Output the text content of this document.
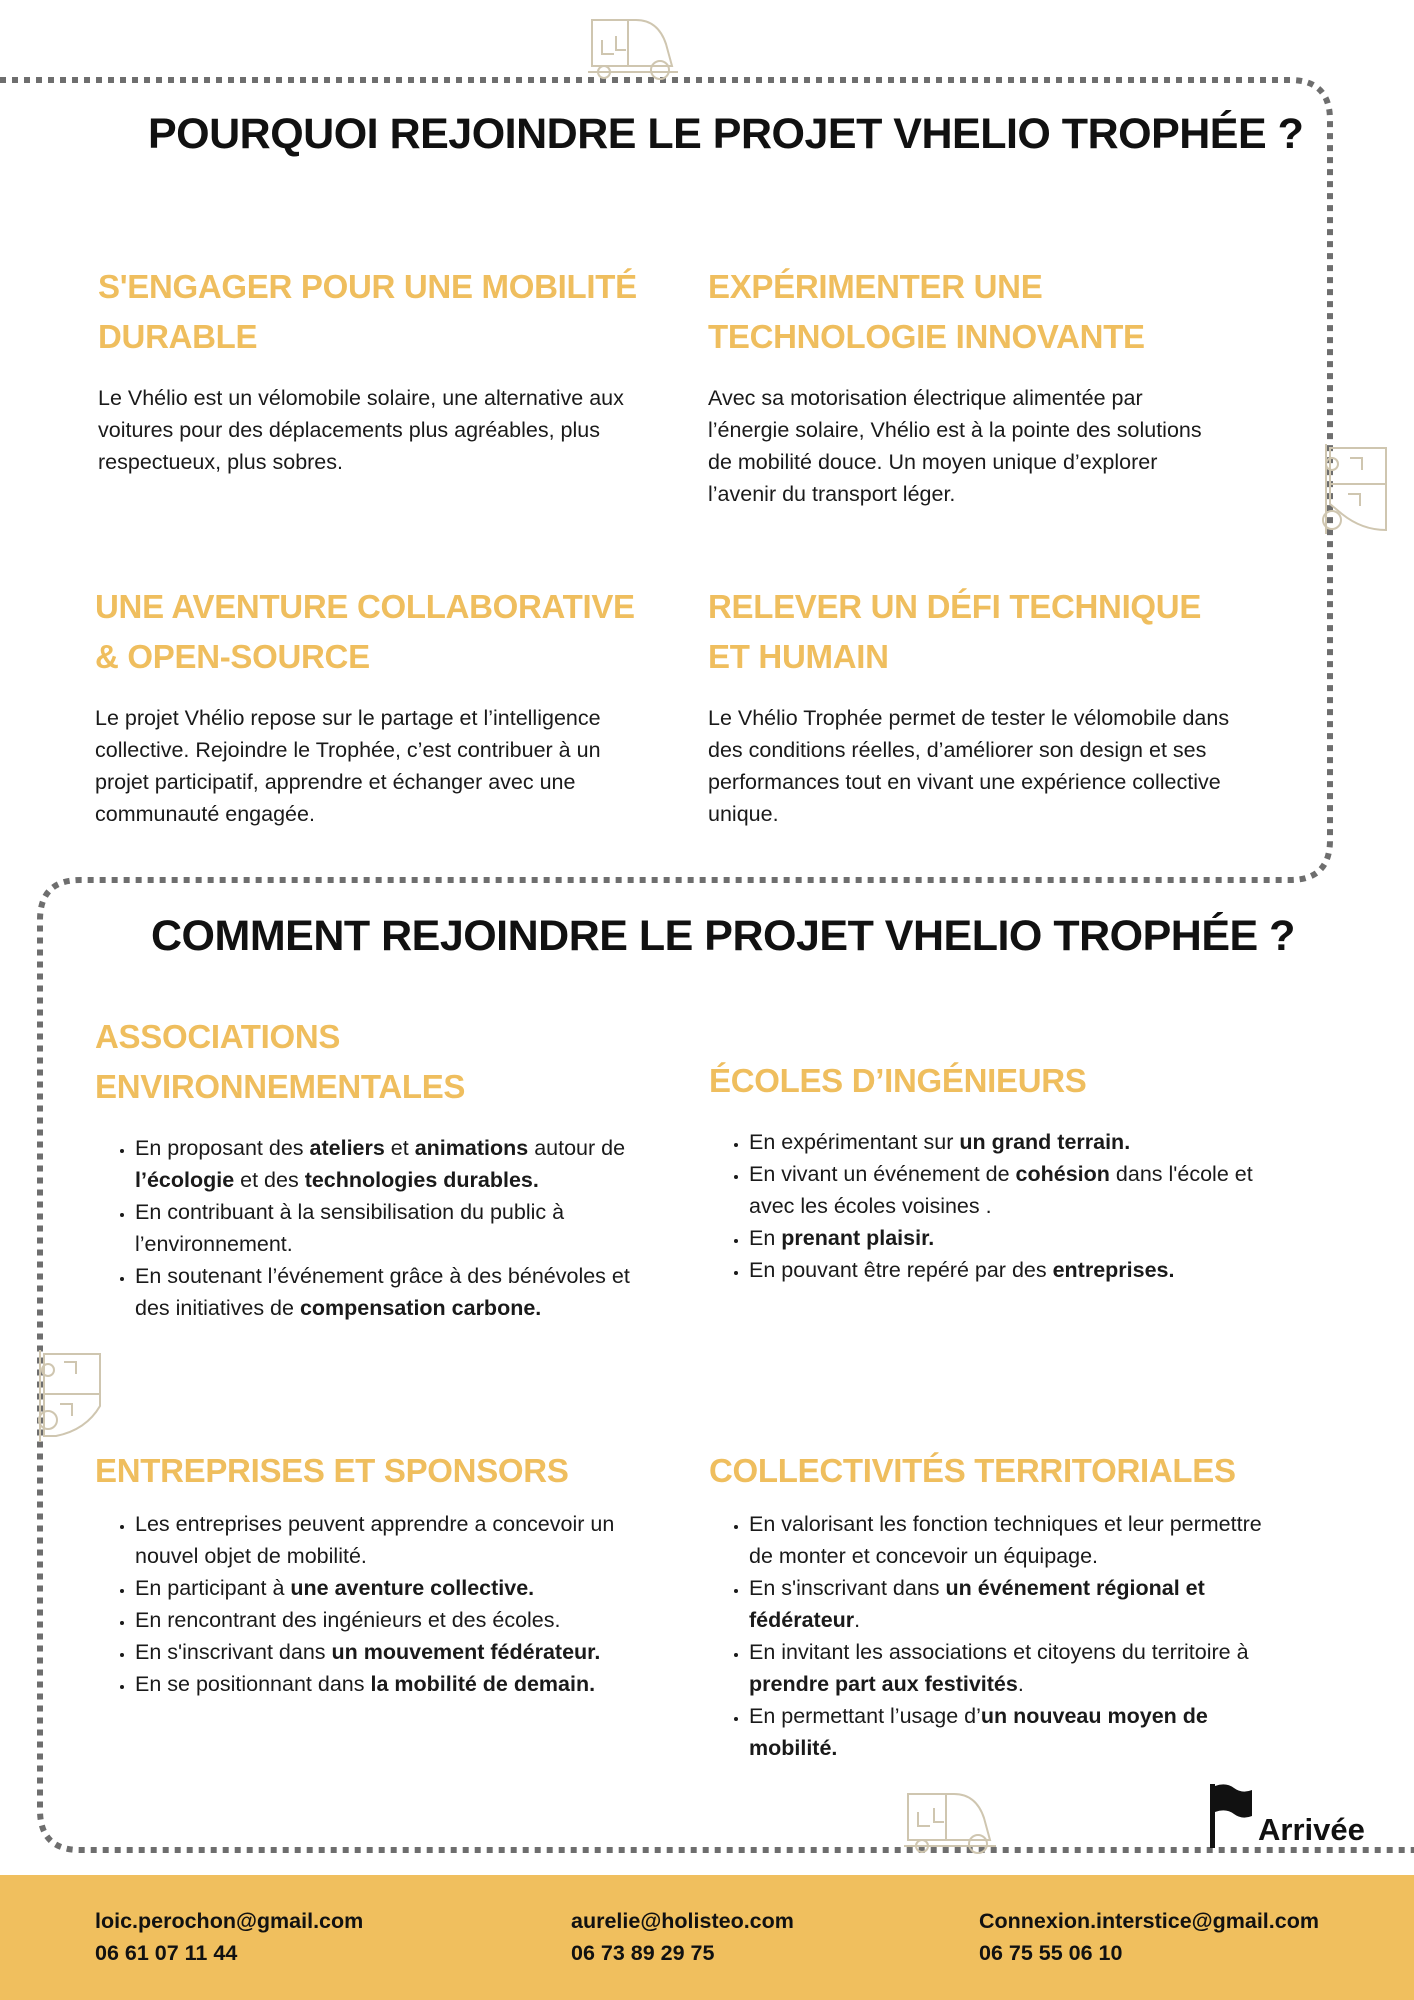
POURQUOI REJOINDRE LE PROJET VHELIO TROPHÉE ?
S'ENGAGER POUR UNE MOBILITÉ DURABLE

Le Vhélio est un vélomobile solaire, une alternative aux voitures pour des déplacements plus agréables, plus respectueux, plus sobres.

EXPÉRIMENTER UNE TECHNOLOGIE INNOVANTE

Avec sa motorisation électrique alimentée par l’énergie solaire, Vhélio est à la pointe des solutions de mobilité douce. Un moyen unique d’explorer l’avenir du transport léger.

UNE AVENTURE COLLABORATIVE & OPEN-SOURCE

Le projet Vhélio repose sur le partage et l’intelligence collective. Rejoindre le Trophée, c’est contribuer à un projet participatif, apprendre et échanger avec une communauté engagée.

RELEVER UN DÉFI TECHNIQUE ET HUMAIN

Le Vhélio Trophée permet de tester le vélomobile dans des conditions réelles, d’améliorer son design et ses performances tout en vivant une expérience collective unique.

COMMENT REJOINDRE LE PROJET VHELIO TROPHÉE ?
ASSOCIATIONS ENVIRONNEMENTALES
• En proposant des ateliers et animations autour de l’écologie et des technologies durables.
• En contribuant à la sensibilisation du public à l’environnement.
• En soutenant l’événement grâce à des bénévoles et des initiatives de compensation carbone.
ÉCOLES D’INGÉNIEURS
• En expérimentant sur un grand terrain.
• En vivant un événement de cohésion dans l'école et avec les écoles voisines .
• En prenant plaisir.
• En pouvant être repéré par des entreprises.
ENTREPRISES ET SPONSORS
• Les entreprises peuvent apprendre a concevoir un nouvel objet de mobilité.
• En participant à une aventure collective.
• En rencontrant des ingénieurs et des écoles.
• En s'inscrivant dans un mouvement fédérateur.
• En se positionnant dans la mobilité de demain.
COLLECTIVITÉS TERRITORIALES
• En valorisant les fonction techniques et leur permettre de monter et concevoir un équipage.
• En s'inscrivant dans un événement régional et fédérateur.
• En invitant les associations et citoyens du territoire à prendre part aux festivités.
• En permettant l’usage d’un nouveau moyen de mobilité.
Arrivée
loic.perochon@gmail.com
06 61 07 11 44
aurelie@holisteo.com
06 73 89 29 75
Connexion.interstice@gmail.com
06 75 55 06 10
